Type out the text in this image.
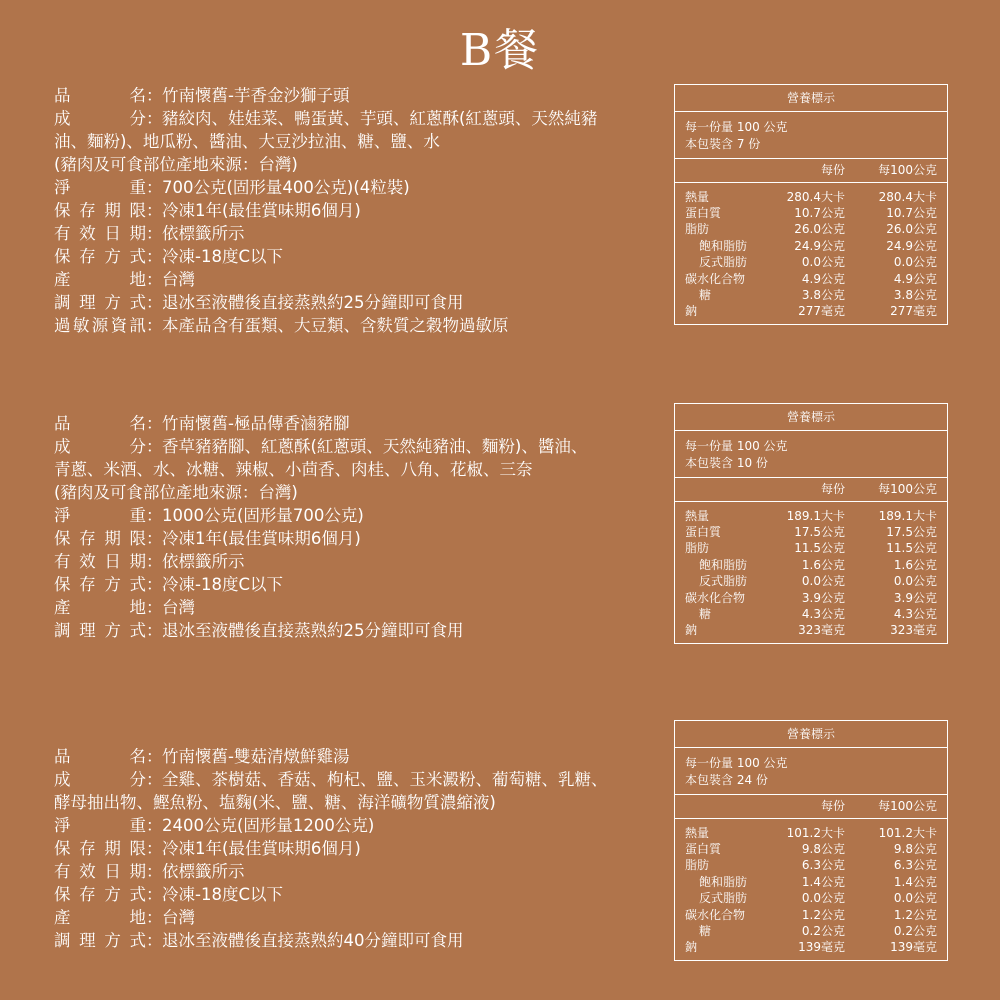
B餐
品名：竹南懷舊-芋香金沙獅子頭
成分：豬絞肉、娃娃菜、鴨蛋黃、芋頭、紅蔥酥(紅蔥頭、天然純豬
油、麵粉)、地瓜粉、醬油、大豆沙拉油、糖、鹽、水
(豬肉及可食部位產地來源：台灣)
淨重：700公克(固形量400公克)(4粒裝)
保存期限：冷凍1年(最佳賞味期6個月)
有效日期：依標籤所示
保存方式：冷凍-18度C以下
產地：台灣
調理方式：退冰至液體後直接蒸熟約25分鐘即可食用
過敏源資訊：本產品含有蛋類、大豆類、含麩質之穀物過敏原
營養標示
每一份量 100 公克
本包裝含 7 份
每份	每100公克
熱量	280.4大卡	280.4大卡
蛋白質	10.7公克	10.7公克
脂肪	26.0公克	26.0公克
飽和脂肪	24.9公克	24.9公克
反式脂肪	0.0公克	0.0公克
碳水化合物	4.9公克	4.9公克
糖	3.8公克	3.8公克
鈉	277毫克	277毫克
品名：竹南懷舊-極品傳香滷豬腳
成分：香草豬豬腳、紅蔥酥(紅蔥頭、天然純豬油、麵粉)、醬油、
青蔥、米酒、水、冰糖、辣椒、小茴香、肉桂、八角、花椒、三奈
(豬肉及可食部位產地來源：台灣)
淨重：1000公克(固形量700公克)
保存期限：冷凍1年(最佳賞味期6個月)
有效日期：依標籤所示
保存方式：冷凍-18度C以下
產地：台灣
調理方式：退冰至液體後直接蒸熟約25分鐘即可食用
營養標示
每一份量 100 公克
本包裝含 10 份
每份	每100公克
熱量	189.1大卡	189.1大卡
蛋白質	17.5公克	17.5公克
脂肪	11.5公克	11.5公克
飽和脂肪	1.6公克	1.6公克
反式脂肪	0.0公克	0.0公克
碳水化合物	3.9公克	3.9公克
糖	4.3公克	4.3公克
鈉	323毫克	323毫克
品名：竹南懷舊-雙菇清燉鮮雞湯
成分：全雞、茶樹菇、香菇、枸杞、鹽、玉米澱粉、葡萄糖、乳糖、
酵母抽出物、鰹魚粉、塩麴(米、鹽、糖、海洋礦物質濃縮液)
淨重：2400公克(固形量1200公克)
保存期限：冷凍1年(最佳賞味期6個月)
有效日期：依標籤所示
保存方式：冷凍-18度C以下
產地：台灣
調理方式：退冰至液體後直接蒸熟約40分鐘即可食用
營養標示
每一份量 100 公克
本包裝含 24 份
每份	每100公克
熱量	101.2大卡	101.2大卡
蛋白質	9.8公克	9.8公克
脂肪	6.3公克	6.3公克
飽和脂肪	1.4公克	1.4公克
反式脂肪	0.0公克	0.0公克
碳水化合物	1.2公克	1.2公克
糖	0.2公克	0.2公克
鈉	139毫克	139毫克
